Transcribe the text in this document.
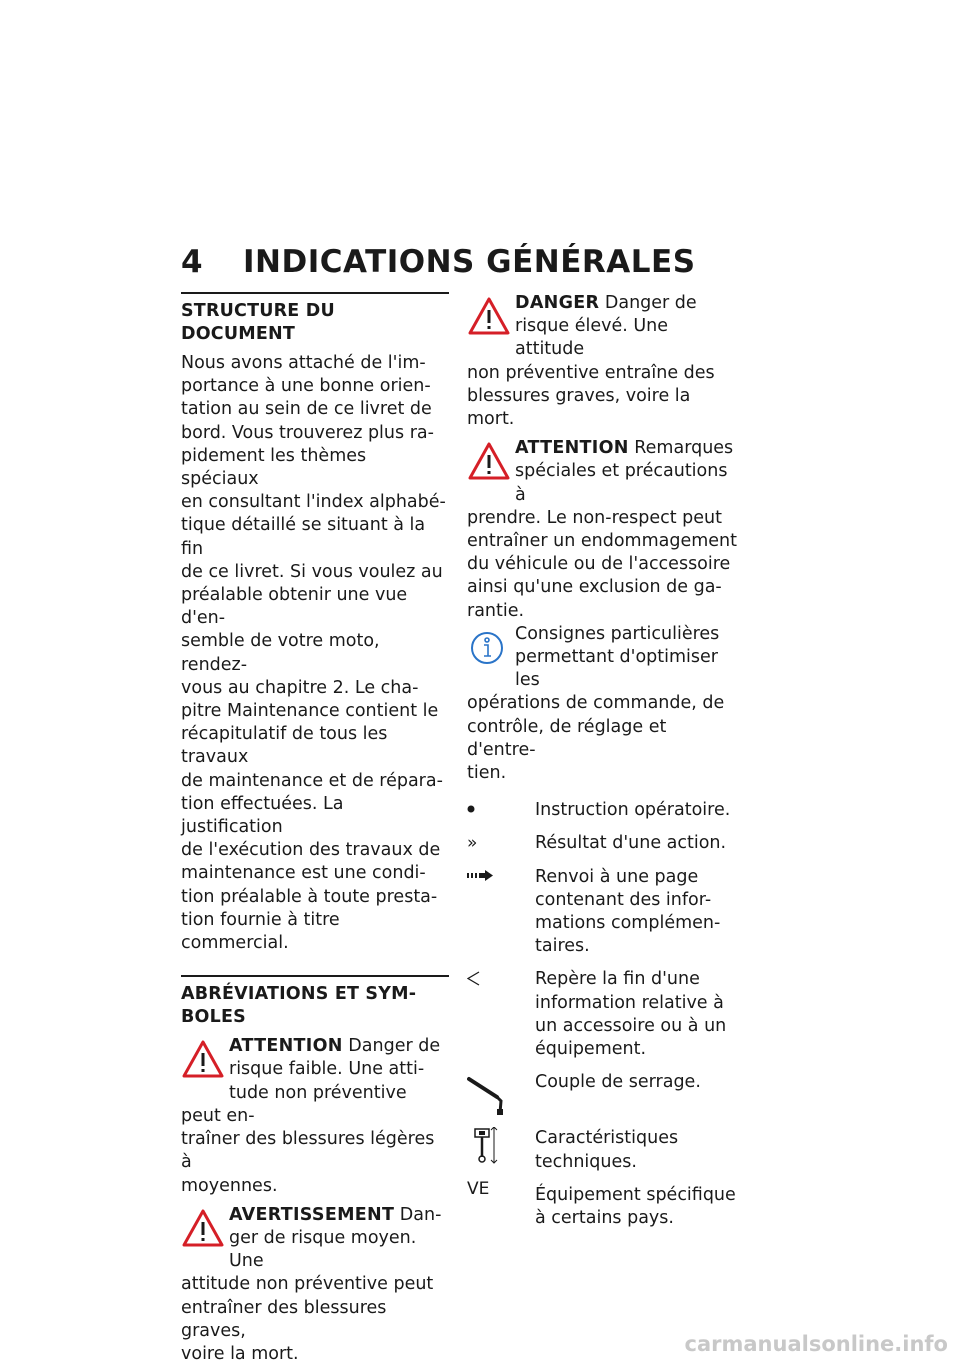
4 INDICATIONS GÉNÉRALES
STRUCTURE DU DOCUMENT

Nous avons attaché de l'im-

portance à une bonne orien-

tation au sein de ce livret de

bord. Vous trouverez plus ra-

pidement les thèmes spéciaux

en consultant l'index alphabé-

tique détaillé se situant à la fin

de ce livret. Si vous voulez au

préalable obtenir une vue d'en-

semble de votre moto, rendez-

vous au chapitre 2. Le cha-

pitre Maintenance contient le

récapitulatif de tous les travaux

de maintenance et de répara-

tion effectuées. La justification

de l'exécution des travaux de

maintenance est une condi-

tion préalable à toute presta-

tion fournie à titre commercial.

ABRÉVIATIONS ET SYM-
BOLES

ATTENTION Danger de

risque faible. Une atti-

tude non préventive peut en-

traîner des blessures légères à

moyennes.

AVERTISSEMENT Dan-

ger de risque moyen. Une

attitude non préventive peut

entraîner des blessures graves,

voire la mort.

DANGER Danger de

risque élevé. Une attitude

non préventive entraîne des

blessures graves, voire la mort.

ATTENTION Remarques

spéciales et précautions à

prendre. Le non-respect peut

entraîner un endommagement

du véhicule ou de l'accessoire

ainsi qu'une exclusion de ga-

rantie.

Consignes particulières

permettant d'optimiser les

opérations de commande, de

contrôle, de réglage et d'entre-

tien.

Instruction opératoire.

»	Résultat d'une action.

Renvoi à une page

contenant des infor-

mations complémen-

taires.

Repère la fin d'une

information relative à

un accessoire ou à un

équipement.

Couple de serrage.

Caractéristiques

techniques.

VE	Équipement spécifique

à certains pays.

carmanualsonline.info
